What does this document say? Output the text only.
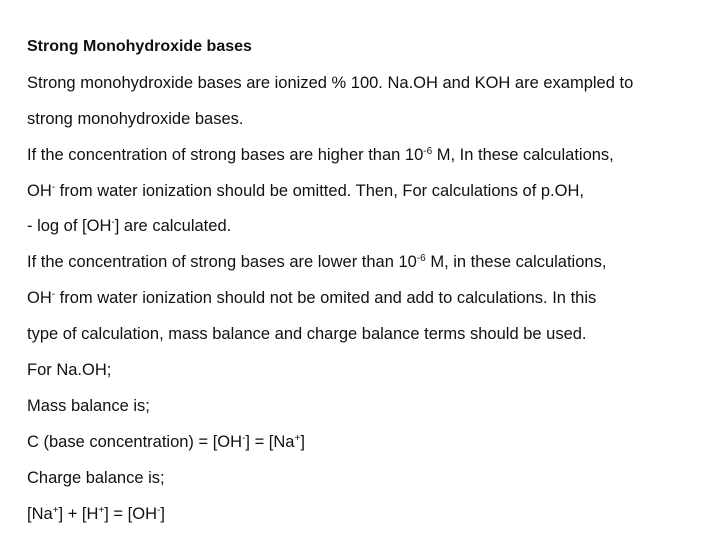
Strong Monohydroxide bases
Strong monohydroxide bases are ionized % 100. Na.OH and KOH are exampled to
strong monohydroxide bases.
If the concentration of strong bases are higher than $10^{-6}$ M, In these calculations,
OH- from water ionization should be omitted. Then, For calculations of p.OH,
- log of [OH-] are calculated.
If the concentration of strong bases are lower than $10^{-6}$ M, in these calculations,
OH- from water ionization should not be omited and add to calculations. In this
type of calculation, mass balance and charge balance terms should be used.
For Na.OH;
Mass balance is;
C (base concentration) = [OH-] = [Na+]
Charge balance is;
[Na+] + [H+] = [OH-]
